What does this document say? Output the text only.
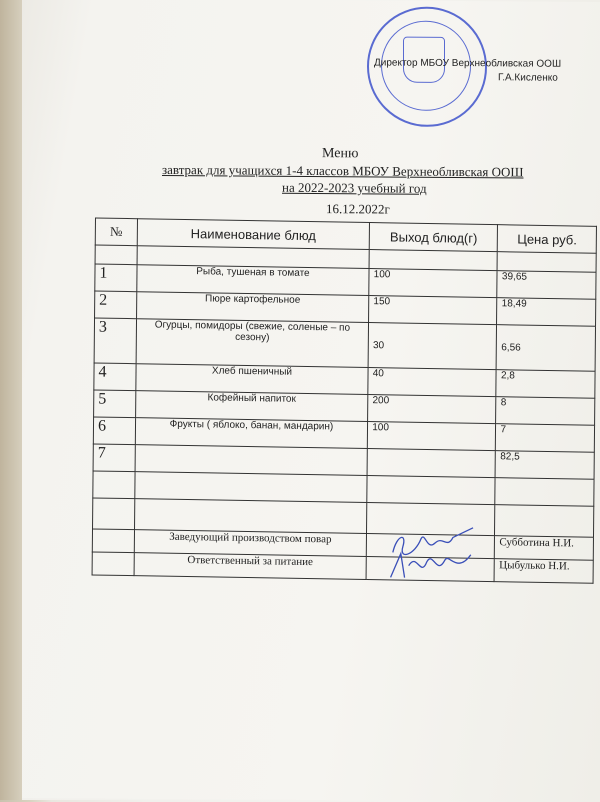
Директор МБОУ Верхнеобливская ООШ
Г.А.Кисленко
Меню
завтрак для учащихся 1-4 классов МБОУ Верхнеобливская ООШ
на 2022-2023 учебный год
16.12.2022г
№	Наименование блюд	Выход блюд(г)	Цена руб.

1	Рыба, тушеная в томате	100	39,65
2	Пюре картофельное	150	18,49
3	Огурцы, помидоры (свежие, соленые – по сезону)	30	6,56
4	Хлеб пшеничный	40	2,8
5	Кофейный напиток	200	8
6	Фрукты ( яблоко, банан, мандарин)	100	7
7			82,5

	Заведующий производством повар		Субботина Н.И.
	Ответственный за питание		Цыбулько Н.И.
